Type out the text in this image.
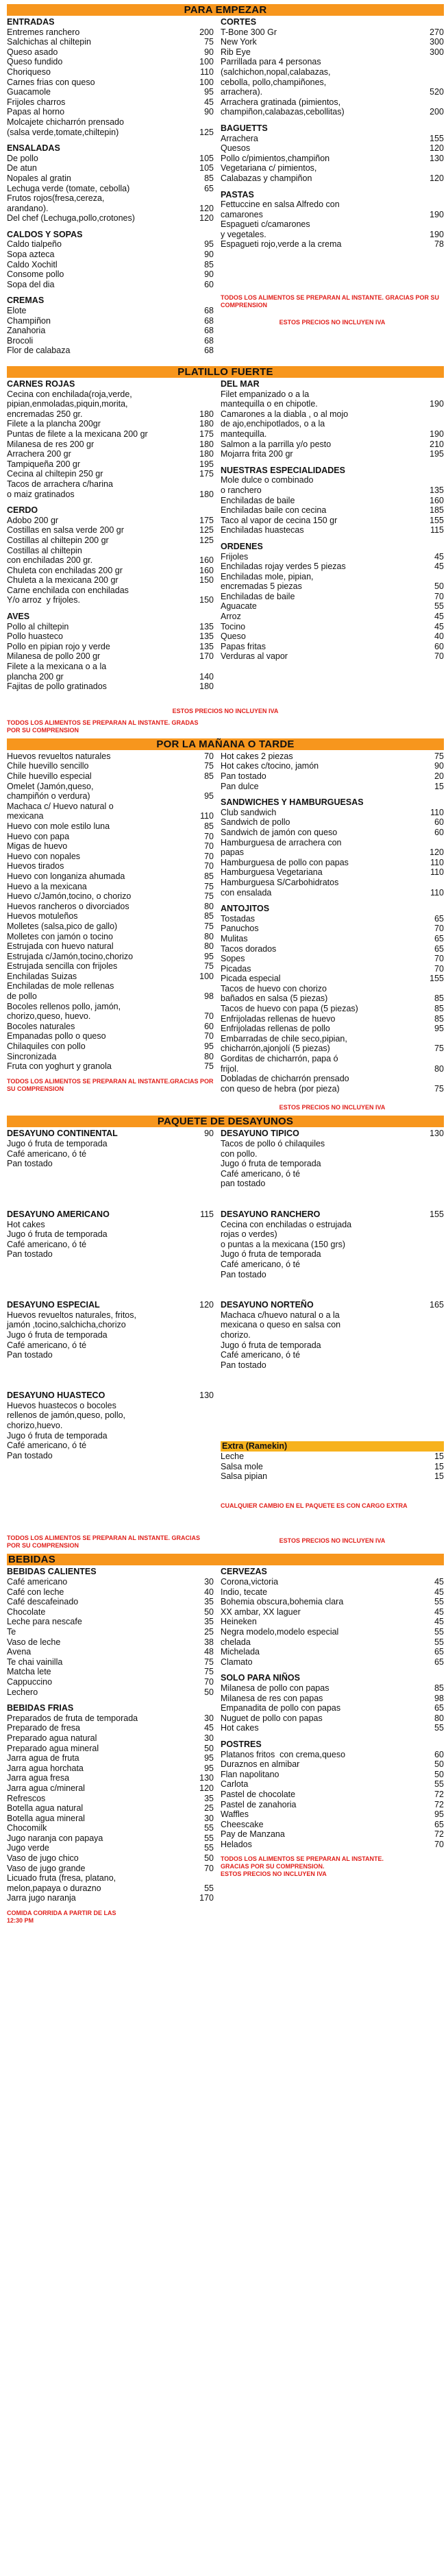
PARA EMPEZAR
ENTRADAS
Entremes ranchero	200
Salchichas al chiltepin	75
Queso asado	90
Queso fundido	100
Choriqueso	110
Carnes frias con queso	100
Guacamole	95
Frijoles charros	45
Papas al horno	90
Molcajete chicharrón prensado
(salsa verde,tomate,chiltepin)	125
ENSALADAS
De pollo	105
De atun	105
Nopales al gratin	85
Lechuga verde (tomate, cebolla)	65
Frutos rojos(fresa,cereza,
arandano).	120
Del chef (Lechuga,pollo,crotones)	120
CALDOS Y SOPAS
Caldo tialpeño	95
Sopa azteca	90
Caldo Xochitl	85
Consome pollo	90
Sopa del dia	60
CREMAS
Elote	68
Champiñon	68
Zanahoria	68
Brocoli	68
Flor de calabaza	68
CORTES
T-Bone 300 Gr	270
New York	300
Rib Eye	300
Parrillada para 4 personas
(salchichon,nopal,calabazas,
cebolla, pollo,champiñones,
arrachera).	520
Arrachera gratinada (pimientos,
champiñon,calabazas,cebollitas)	200
BAGUETTS
Arrachera	155
Quesos	120
Pollo c/pimientos,champiñon	130
Vegetariana c/ pimientos,
Calabazas y champiñon	120
PASTAS
Fettuccine en salsa Alfredo con
camarones	190
Espagueti c/camarones
y vegetales.	190
Espagueti rojo,verde a la crema	78
TODOS LOS ALIMENTOS SE PREPARAN AL INSTANTE. GRACIAS POR SU COMPRENSION
ESTOS PRECIOS NO INCLUYEN IVA
PLATILLO FUERTE
CARNES ROJAS
Cecina con enchilada(roja,verde,
pipian,enmoladas,piquin,morita,
encremadas 250 gr.	180
Filete a la plancha 200gr	180
Puntas de filete a la mexicana 200 gr	175
Milanesa de res 200 gr	180
Arrachera 200 gr	180
Tampiqueña 200 gr	195
Cecina al chiltepin 250 gr	175
Tacos de arrachera c/harina
o maiz gratinados	180
CERDO
Adobo 200 gr	175
Costillas en salsa verde 200 gr	125
Costillas al chiltepin 200 gr	125
Costillas al chiltepin
con enchiladas 200 gr.	160
Chuleta con enchiladas 200 gr	160
Chuleta a la mexicana 200 gr	150
Carne enchilada con enchiladas
Y/o arroz  y frijoles.	150
AVES
Pollo al chiltepin	135
Pollo huasteco	135
Pollo en pipian rojo y verde	135
Milanesa de pollo 200 gr	170
Filete a la mexicana o a la
plancha 200 gr	140
Fajitas de pollo gratinados	180
DEL MAR
Filet empanizado o a la
mantequilla o en chipotle.	190
Camarones a la diabla , o al mojo
de ajo,enchipotlados, o a la
mantequilla.	190
Salmon a la parrilla y/o pesto	210
Mojarra frita 200 gr	195
NUESTRAS ESPECIALIDADES
Mole dulce o combinado
o ranchero	135
Enchiladas de baile	160
Enchiladas baile con cecina	185
Taco al vapor de cecina 150 gr	155
Enchiladas huastecas	115
ORDENES
Frijoles	45
Enchiladas rojay verdes 5 piezas	45
Enchiladas mole, pipian,
encremadas 5 piezas	50
Enchiladas de baile	70
Aguacate	55
Arroz	45
Tocino	45
Queso	40
Papas fritas	60
Verduras al vapor	70
ESTOS PRECIOS NO INCLUYEN IVA
TODOS LOS ALIMENTOS SE PREPARAN AL INSTANTE. GRADAS POR SU COMPRENSION
POR LA MAÑANA O TARDE
Huevos revueltos naturales	70
Chile huevillo sencillo	75
Chile huevillo especial	85
Omelet (Jamón,queso,
champiñón o verdura)	95
Machaca c/ Huevo natural o
mexicana	110
Huevo con mole estilo luna	85
Huevo con papa	70
Migas de huevo	70
Huevo con nopales	70
Huevos tirados	70
Huevo con longaniza ahumada	85
Huevo a la mexicana	75
Huevo c/Jamón,tocino, o chorizo	75
Huevos rancheros o divorciados	80
Huevos motuleños	85
Molletes (salsa,pico de gallo)	75
Molletes con jamón o tocino	80
Estrujada con huevo natural	80
Estrujada c/Jamón,tocino,chorizo	95
Estrujada sencilla con frijoles	75
Enchiladas Suizas	100
Enchiladas de mole rellenas
de pollo	98
Bocoles rellenos pollo, jamón,
chorizo,queso, huevo.	70
Bocoles naturales	60
Empanadas pollo o queso	70
Chilaquiles con pollo	95
Sincronizada	80
Fruta con yoghurt y granola	75
TODOS LOS ALIMENTOS SE PREPARAN AL INSTANTE.GRACIAS POR SU COMPRENSION
Hot cakes 2 piezas	75
Hot cakes c/tocino, jamón	90
Pan tostado	20
Pan dulce	15
SANDWICHES Y HAMBURGUESAS
Club sandwich	110
Sandwich de pollo	60
Sandwich de jamón con queso	60
Hamburguesa de arrachera con
papas	120
Hamburguesa de pollo con papas	110
Hamburguesa Vegetariana	110
Hamburguesa S/Carbohidratos
con ensalada	110
ANTOJITOS
Tostadas	65
Panuchos	70
Mulitas	65
Tacos dorados	65
Sopes	70
Picadas	70
Picada especial	155
Tacos de huevo con chorizo
bañados en salsa (5 piezas)	85
Tacos de huevo con papa (5 piezas)	85
Enfrijoladas rellenas de huevo	85
Enfrijoladas rellenas de pollo	95
Embarradas de chile seco,pipian,
chicharrón,ajonjolí (5 piezas)	75
Gorditas de chicharrón, papa ó
frijol.	80
Dobladas de chicharrón prensado
con queso de hebra (por pieza)	75
ESTOS PRECIOS NO INCLUYEN IVA
PAQUETE DE DESAYUNOS
DESAYUNO CONTINENTAL	90
Jugo ó fruta de temporada
Café americano, ó té
Pan tostado
DESAYUNO TIPICO	130
Tacos de pollo ó chilaquiles
con pollo.
Jugo ó fruta de temporada
Café americano, ó té
pan tostado
DESAYUNO AMERICANO	115
Hot cakes
Jugo ó fruta de temporada
Café americano, ó té
Pan tostado
DESAYUNO RANCHERO	155
Cecina con enchiladas o estrujada
rojas o verdes)
o puntas a la mexicana (150 grs)
Jugo ó fruta de temporada
Café americano, ó té
Pan tostado
DESAYUNO ESPECIAL	120
Huevos revueltos naturales, fritos,
jamón ,tocino,salchicha,chorizo
Jugo ó fruta de temporada
Café americano, ó té
Pan tostado
DESAYUNO NORTEÑO	165
Machaca c/huevo natural o a la
mexicana o queso en salsa con
chorizo.
Jugo ó fruta de temporada
Café americano, ó té
Pan tostado
DESAYUNO HUASTECO	130
Huevos huastecos o bocoles
rellenos de jamón,queso, pollo,
chorizo,huevo.
Jugo ó fruta de temporada
Café americano, ó té
Pan tostado
TODOS LOS ALIMENTOS SE PREPARAN AL INSTANTE. GRACIAS POR SU COMPRENSION
Extra (Ramekin)
Leche	15
Salsa mole	15
Salsa pipian	15
CUALQUIER CAMBIO EN EL PAQUETE ES CON CARGO EXTRA
ESTOS PRECIOS NO INCLUYEN IVA
BEBIDAS
BEBIDAS CALIENTES
Café americano	30
Café con leche	40
Café descafeinado	35
Chocolate	50
Leche para nescafe	35
Te	25
Vaso de leche	38
Avena	48
Te chai vainilla	75
Matcha lete	75
Cappuccino	70
Lechero	50
BEBIDAS FRIAS
Preparados de fruta de temporada	30
Preparado de fresa	45
Preparado agua natural	30
Preparado agua mineral	50
Jarra agua de fruta	95
Jarra agua horchata	95
Jarra agua fresa	130
Jarra agua c/mineral	120
Refrescos	35
Botella agua natural	25
Botella agua mineral	30
Chocomilk	55
Jugo naranja con papaya	55
Jugo verde	55
Vaso de jugo chico	50
Vaso de jugo grande	70
Licuado fruta (fresa, platano,
melon,papaya o durazno	55
Jarra jugo naranja	170
COMIDA CORRIDA A PARTIR DE LAS 12:30 PM
CERVEZAS
Corona,victoria	45
Indio, tecate	45
Bohemia obscura,bohemia clara	55
XX ambar, XX laguer	45
Heineken	45
Negra modelo,modelo especial	55
chelada	55
Michelada	65
Clamato	65
SOLO PARA NIÑOS
Milanesa de pollo con papas	85
Milanesa de res con papas	98
Empanadita de pollo con papas	65
Nuguet de pollo con papas	80
Hot cakes	55
POSTRES
Platanos fritos  con crema,queso	60
Duraznos en almibar	50
Flan napolitano	50
Carlota	55
Pastel de chocolate	72
Pastel de zanahoria	72
Waffles	95
Cheescake	65
Pay de Manzana	72
Helados	70
TODOS LOS ALIMENTOS SE PREPARAN AL INSTANTE.
GRACIAS POR SU COMPRENSION.
ESTOS PRECIOS NO INCLUYEN IVA
